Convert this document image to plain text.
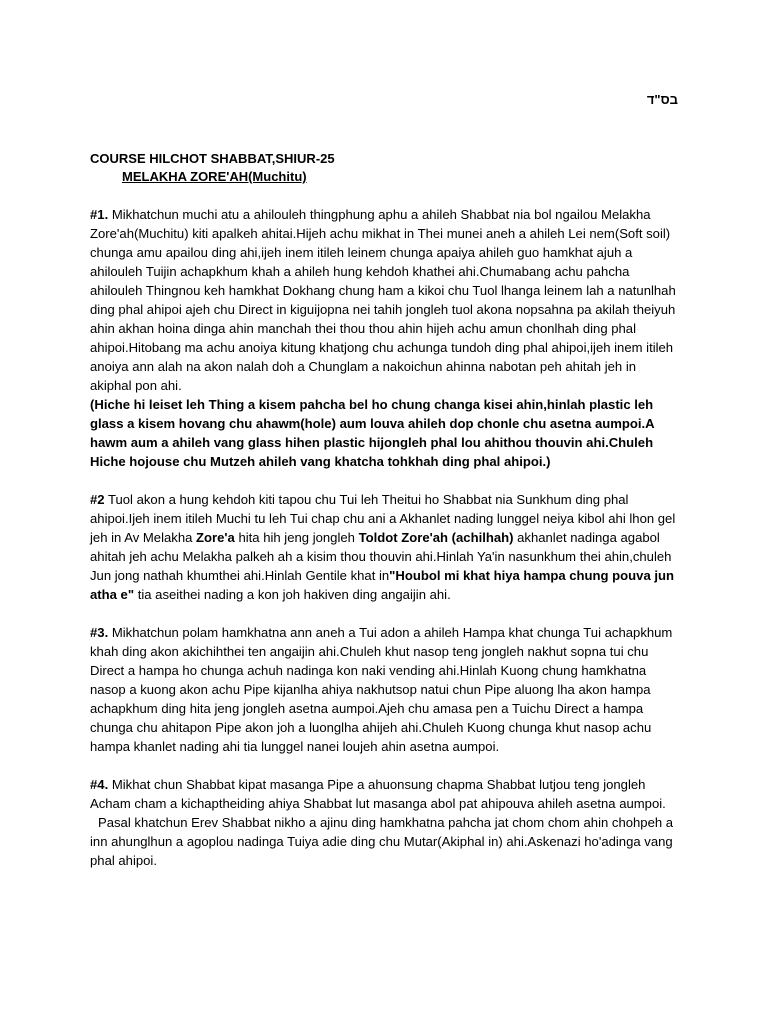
בס"ד
COURSE HILCHOT SHABBAT,SHIUR-25
MELAKHA ZORE'AH(Muchitu)

#1. Mikhatchun muchi atu a ahilouleh thingphung aphu a ahileh Shabbat nia bol ngailou Melakha Zore'ah(Muchitu) kiti apalkeh ahitai.Hijeh achu mikhat in Thei munei aneh a ahileh Lei nem(Soft soil) chunga amu apailou ding ahi,ijeh inem itileh leinem chunga apaiya ahileh guo hamkhat ajuh a ahilouleh Tuijin achapkhum khah a ahileh hung kehdoh khathei ahi.Chumabang achu pahcha ahilouleh Thingnou keh hamkhat Dokhang chung ham a kikoi chu Tuol lhanga leinem lah a natunlhah ding phal ahipoi ajeh chu Direct in kiguijopna nei tahih jongleh tuol akona nopsahna pa akilah theiyuh ahin akhan hoina dinga ahin manchah thei thou thou ahin hijeh achu amun chonlhah ding phal ahipoi.Hitobang ma achu anoiya kitung khatjong chu achunga tundoh ding phal ahipoi,ijeh inem itileh anoiya ann alah na akon nalah doh a Chunglam a nakoichun ahinna nabotan peh ahitah jeh in akiphal pon ahi.
(Hiche hi leiset leh Thing a kisem pahcha bel ho chung changa kisei ahin,hinlah plastic leh glass a kisem hovang chu ahawm(hole) aum louva ahileh dop chonle chu asetna aumpoi.A hawm aum a ahileh vang glass hihen plastic hijongleh phal lou ahithou thouvin ahi.Chuleh Hiche hojouse chu Mutzeh ahileh vang khatcha tohkhah ding phal ahipoi.)

#2 Tuol akon a hung kehdoh kiti tapou chu Tui leh Theitui ho Shabbat nia Sunkhum ding phal ahipoi.Ijeh inem itileh Muchi tu leh Tui chap chu ani a Akhanlet nading lunggel neiya kibol ahi lhon gel jeh in Av Melakha Zore'a hita hih jeng jongleh Toldot Zore'ah (achilhah) akhanlet nadinga agabol ahitah jeh achu Melakha palkeh ah a kisim thou thouvin ahi.Hinlah Ya'in nasunkhum thei ahin,chuleh Jun jong nathah khumthei ahi.Hinlah Gentile khat in"Houbol mi khat hiya hampa chung pouva jun atha e" tia aseithei nading a kon joh hakiven ding angaijin ahi.

#3. Mikhatchun polam hamkhatna ann aneh a Tui adon a ahileh Hampa khat chunga Tui achapkhum khah ding akon akichihthei ten angaijin ahi.Chuleh khut nasop teng jongleh nakhut sopna tui chu Direct a hampa ho chunga achuh nadinga kon naki vending ahi.Hinlah Kuong chung hamkhatna nasop a kuong akon achu Pipe kijanlha ahiya nakhutsop natui chun Pipe aluong lha akon hampa achapkhum ding hita jeng jongleh asetna aumpoi.Ajeh chu amasa pen a Tuichu Direct a hampa chunga chu ahitapon Pipe akon joh a luonglha ahijeh ahi.Chuleh Kuong chunga khut nasop achu hampa khanlet nading ahi tia lunggel nanei loujeh ahin asetna aumpoi.

#4. Mikhat chun Shabbat kipat masanga Pipe a ahuonsung chapma Shabbat lutjou teng jongleh Acham cham a kichaptheiding ahiya Shabbat lut masanga abol pat ahipouva ahileh asetna aumpoi.

Pasal khatchun Erev Shabbat nikho a ajinu ding hamkhatna pahcha jat chom chom ahin chohpeh a inn ahunglhun a agoplou nadinga Tuiya adie ding chu Mutar(Akiphal in) ahi.Askenazi ho'adinga vang phal ahipoi.
